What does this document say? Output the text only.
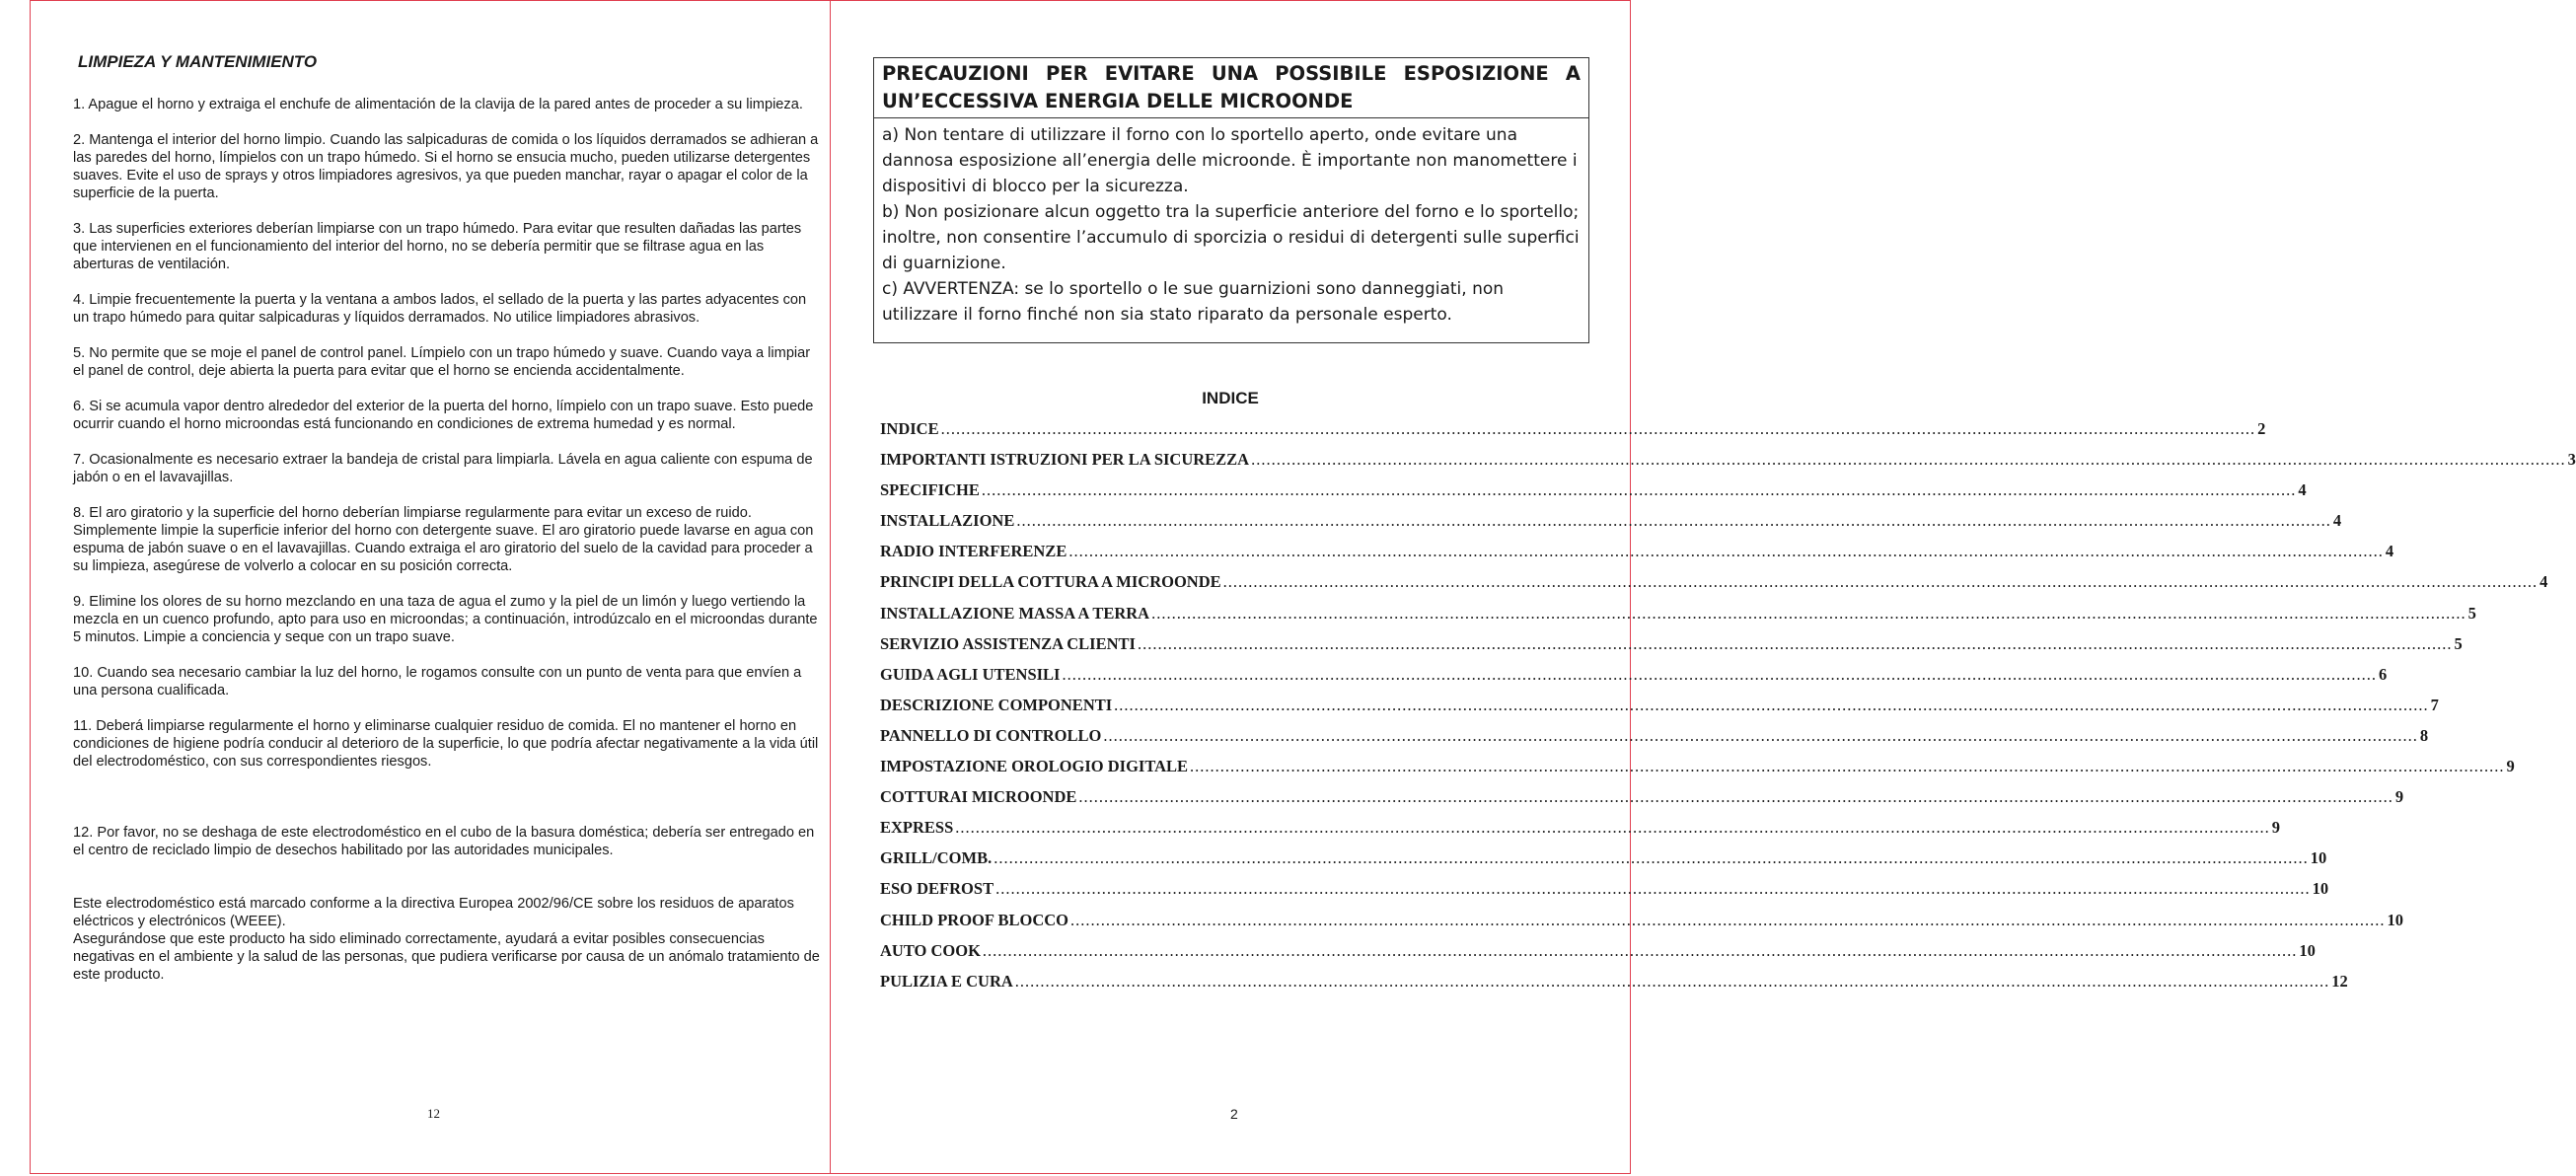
LIMPIEZA Y MANTENIMIENTO

1. Apague el horno y extraiga el enchufe de alimentación de la clavija de la pared antes de proceder a su limpieza.

2. Mantenga el interior del horno limpio. Cuando las salpicaduras de comida o los líquidos derramados se adhieran a las paredes del horno, límpielos con un trapo húmedo. Si el horno se ensucia mucho, pueden utilizarse detergentes suaves. Evite el uso de sprays y otros limpiadores agresivos, ya que pueden manchar, rayar o apagar el color de la superficie de la puerta.

3. Las superficies exteriores deberían limpiarse con un trapo húmedo. Para evitar que resulten dañadas las partes que intervienen en el funcionamiento del interior del horno, no se debería permitir que se filtrase agua en las aberturas de ventilación.

4. Limpie frecuentemente la puerta y la ventana a ambos lados, el sellado de la puerta y las partes adyacentes con un trapo húmedo para quitar salpicaduras y líquidos derramados. No utilice limpiadores abrasivos.

5. No permite que se moje el panel de control panel. Límpielo con un trapo húmedo y suave. Cuando vaya a limpiar el panel de control, deje abierta la puerta para evitar que el horno se encienda accidentalmente.

6. Si se acumula vapor dentro alrededor del exterior de la puerta del horno, límpielo con un trapo suave. Esto puede ocurrir cuando el horno microondas está funcionando en condiciones de extrema humedad y es normal.

7. Ocasionalmente es necesario extraer la bandeja de cristal para limpiarla. Lávela en agua caliente con espuma de jabón o en el lavavajillas.

8. El aro giratorio y la superficie del horno deberían limpiarse regularmente para evitar un exceso de ruido. Simplemente limpie la superficie inferior del horno con detergente suave. El aro giratorio puede lavarse en agua con espuma de jabón suave o en el lavavajillas. Cuando extraiga el aro giratorio del suelo de la cavidad para proceder a su limpieza, asegúrese de volverlo a colocar en su posición correcta.

9. Elimine los olores de su horno mezclando en una taza de agua el zumo y la piel de un limón y luego vertiendo la mezcla en un cuenco profundo, apto para uso en microondas; a continuación, introdúzcalo en el microondas durante 5 minutos. Limpie a conciencia y seque con un trapo suave.

10. Cuando sea necesario cambiar la luz del horno, le rogamos consulte con un punto de venta para que envíen a una persona cualificada.

11. Deberá limpiarse regularmente el horno y eliminarse cualquier residuo de comida. El no mantener el horno en condiciones de higiene podría conducir al deterioro de la superficie, lo que podría afectar negativamente a la vida útil del electrodoméstico, con sus correspondientes riesgos.

12. Por favor, no se deshaga de este electrodoméstico en el cubo de la basura doméstica; debería ser entregado en el centro de reciclado limpio de desechos habilitado por las autoridades municipales.

Este electrodoméstico está marcado conforme a la directiva Europea 2002/96/CE sobre los residuos de aparatos eléctricos y electrónicos (WEEE).

Asegurándose que este producto ha sido eliminado correctamente, ayudará a evitar posibles consecuencias negativas en el ambiente y la salud de las personas, que pudiera verificarse por causa de un anómalo tratamiento de este producto.

12
PRECAUZIONI PER EVITARE UNA POSSIBILE ESPOSIZIONE A UN’ECCESSIVA ENERGIA DELLE MICROONDE

a) Non tentare di utilizzare il forno con lo sportello aperto, onde evitare una dannosa esposizione all’energia delle microonde. È importante non manomettere i dispositivi di blocco per la sicurezza.

b) Non posizionare alcun oggetto tra la superficie anteriore del forno e lo sportello; inoltre, non consentire l’accumulo di sporcizia o residui di detergenti sulle superfici di guarnizione.

c) AVVERTENZA: se lo sportello o le sue guarnizioni sono danneggiati, non utilizzare il forno finché non sia stato riparato da personale esperto.

INDICE
INDICE .................................................................................................................................................................................................................................................................... 2
IMPORTANTI ISTRUZIONI PER LA SICUREZZA .................................................................................................................................................................................................................................................................... 3
SPECIFICHE .................................................................................................................................................................................................................................................................... 4
INSTALLAZIONE .................................................................................................................................................................................................................................................................... 4
RADIO INTERFERENZE .................................................................................................................................................................................................................................................................... 4
PRINCIPI DELLA COTTURA A MICROONDE .................................................................................................................................................................................................................................................................... 4
INSTALLAZIONE MASSA A TERRA .................................................................................................................................................................................................................................................................... 5
SERVIZIO ASSISTENZA CLIENTI .................................................................................................................................................................................................................................................................... 5
GUIDA AGLI UTENSILI .................................................................................................................................................................................................................................................................... 6
DESCRIZIONE COMPONENTI .................................................................................................................................................................................................................................................................... 7
PANNELLO DI CONTROLLO .................................................................................................................................................................................................................................................................... 8
IMPOSTAZIONE OROLOGIO DIGITALE .................................................................................................................................................................................................................................................................... 9
COTTURAI MICROONDE .................................................................................................................................................................................................................................................................... 9
EXPRESS .................................................................................................................................................................................................................................................................... 9
GRILL/COMB. .................................................................................................................................................................................................................................................................... 10
ESO DEFROST .................................................................................................................................................................................................................................................................... 10
CHILD PROOF BLOCCO .................................................................................................................................................................................................................................................................... 10
AUTO COOK .................................................................................................................................................................................................................................................................... 10
PULIZIA E CURA .................................................................................................................................................................................................................................................................... 12
2
